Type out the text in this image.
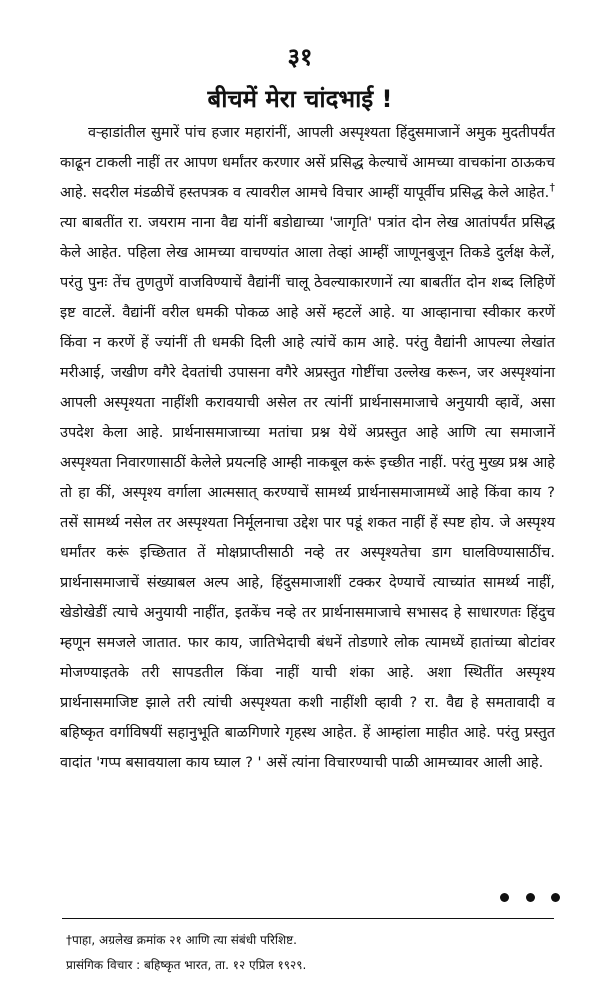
३१
बीचमें मेरा चांदभाई !

वऱ्हाडांतील सुमारें पांच हजार महारांनीं, आपली अस्पृश्यता हिंदुसमाजानें अमुक मुदतीपर्यंत काढून टाकली नाहीं तर आपण धर्मांतर करणार असें प्रसिद्ध केल्याचें आमच्या वाचकांना ठाऊकच आहे. सदरील मंडळीचें हस्तपत्रक व त्यावरील आमचे विचार आम्हीं यापूर्वीच प्रसिद्ध केले आहेत.† त्या बाबतींत रा. जयराम नाना वैद्य यांनीं बडोद्याच्या 'जागृति' पत्रांत दोन लेख आतांपर्यंत प्रसिद्ध केले आहेत. पहिला लेख आमच्या वाचण्यांत आला तेव्हां आम्हीं जाणूनबुजून तिकडे दुर्लक्ष केलें, परंतु पुनः तेंच तुणतुणें वाजविण्याचें वैद्यांनीं चालू ठेवल्याकारणानें त्या बाबतींत दोन शब्द लिहिणें इष्ट वाटलें. वैद्यांनीं वरील धमकी पोकळ आहे असें म्हटलें आहे. या आव्हानाचा स्वीकार करणें किंवा न करणें हें ज्यांनीं ती धमकी दिली आहे त्यांचें काम आहे. परंतु वैद्यांनी आपल्या लेखांत मरीआई, जखीण वगैरे देवतांची उपासना वगैरे अप्रस्तुत गोष्टींचा उल्लेख करून, जर अस्पृश्यांना आपली अस्पृश्यता नाहींशी करावयाची असेल तर त्यांनीं प्रार्थनासमाजाचे अनुयायी व्हावें, असा उपदेश केला आहे. प्रार्थनासमाजाच्या मतांचा प्रश्न येथें अप्रस्तुत आहे आणि त्या समाजानें अस्पृश्यता निवारणासाठीं केलेले प्रयत्नहि आम्ही नाकबूल करूं इच्छीत नाहीं. परंतु मुख्य प्रश्न आहे तो हा कीं, अस्पृश्य वर्गाला आत्मसात् करण्याचें सामर्थ्य प्रार्थनासमाजामध्यें आहे किंवा काय ? तसें सामर्थ्य नसेल तर अस्पृश्यता निर्मूलनाचा उद्देश पार पडूं शकत नाहीं हें स्पष्ट होय. जे अस्पृश्य धर्मांतर करूं इच्छितात तें मोक्षप्राप्तीसाठी नव्हे तर अस्पृश्यतेचा डाग घालविण्यासाठींच. प्रार्थनासमाजाचें संख्याबल अल्प आहे, हिंदुसमाजाशीं टक्कर देण्याचें त्याच्यांत सामर्थ्य नाहीं, खेडोखेडीं त्याचे अनुयायी नाहींत, इतकेंच नव्हे तर प्रार्थनासमाजाचे सभासद हे साधारणतः हिंदुच म्हणून समजले जातात. फार काय, जातिभेदाची बंधनें तोडणारे लोक त्यामध्यें हातांच्या बोटांवर मोजण्याइतके तरी सापडतील किंवा नाहीं याची शंका आहे. अशा स्थितींत अस्पृश्य प्रार्थनासमाजिष्ट झाले तरी त्यांची अस्पृश्यता कशी नाहींशी व्हावी ? रा. वैद्य हे समतावादी व बहिष्कृत वर्गाविषयीं सहानुभूति बाळगिणारे गृहस्थ आहेत. हें आम्हांला माहीत आहे. परंतु प्रस्तुत वादांत 'गप्प बसावयाला काय घ्याल ? ' असें त्यांना विचारण्याची पाळी आमच्यावर आली आहे.

†पाहा, अग्रलेख क्रमांक २१ आणि त्या संबंधी परिशिष्ट.

प्रासंगिक विचार : बहिष्कृत भारत, ता. १२ एप्रिल १९२९.
